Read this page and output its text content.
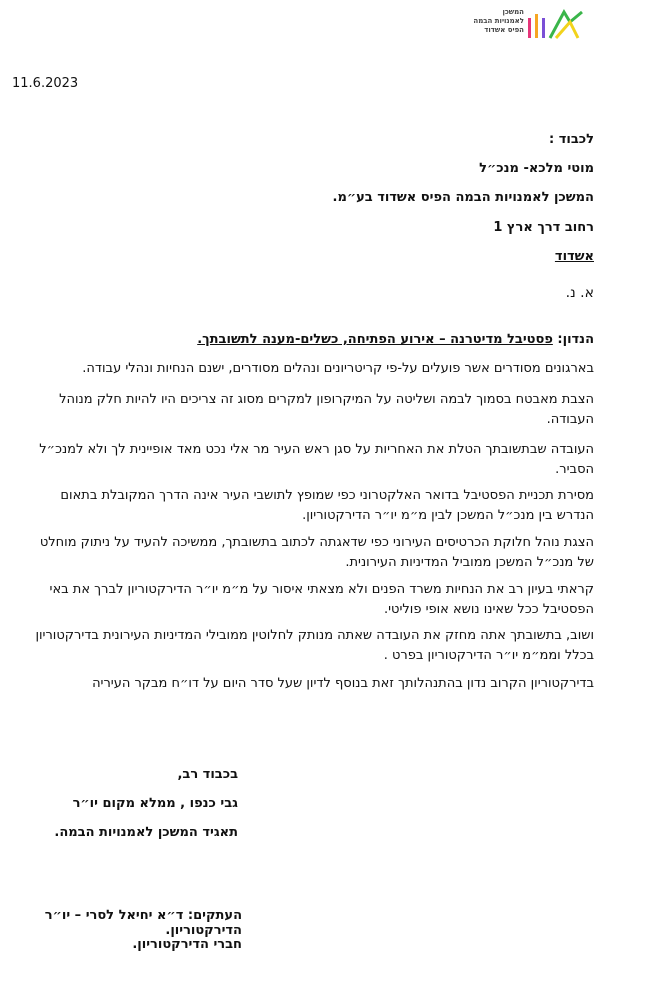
המשכן
לאמנויות הבמה
הפיס אשדוד
11.6.2023
לכבוד :
מוטי מלכא- מנכ״ל
המשכן לאמנויות הבמה הפיס אשדוד בע״מ.
רחוב דרך ארץ 1
אשדוד
א. נ.
הנדון: פסטיבל מדיטרנה – אירוע הפתיחה, כשלים-מענה לתשובתך.
בארגונים מסודרים אשר פועלים על-פי קריטריונים ונהלים מסודרים, ישנם הנחיות ונהלי עבודה.
הצבת מאבטח בסמוך לבמה ושליטה על המיקרופון למקרים מסוג זה צריכים היו להיות חלק מנוהל העבודה.
העובדה שבתשובתך הטלת את האחריות על סגן ראש העיר מר אלי נכט מאד אופיינית לך ולא למנכ״ל הסביר.
מסירת תכניית הפסטיבל בדואר האלקטרוני כפי שמופץ לתושבי העיר אינה הדרך המקובלת בתאום הנדרש בין מנכ״ל המשכן לבין מ״מ יו״ר הדירקטוריון.
הצגת נוהל חלוקת הכרטיסים העירוני כפי שדאגתה לכתוב בתשובתך, ממשיכה להעיד על ניתוק מוחלט של מנכ״ל המשכן ממוביל המדיניות העירונית.
קראתי בעיון רב את הנחיות משרד הפנים ולא מצאתי איסור על מ״מ יו״ר הדירקטוריון לברך את באי הפסטיבל ככל שאינו נושא אופי פוליטי.
ושוב, בתשובתך אתה מחזק את העובדה שאתה מנותק לחלוטין ממובילי המדיניות העירונית בדירקטוריון בכלל וממ״מ יו״ר הדירקטוריון בפרט .
בדירקטוריון הקרוב נדון בהתנהלותך זאת בנוסף לדיון שעל סדר היום על דו״ח מבקר העיריה
בכבוד רב,
גבי כנפו , ממלא מקום יו״ר
תאגיד המשכן לאמנויות הבמה.
העתקים: ד״א יחיאל לסרי – יו״ר הדירקטוריון.
חברי הדירקטוריון.
